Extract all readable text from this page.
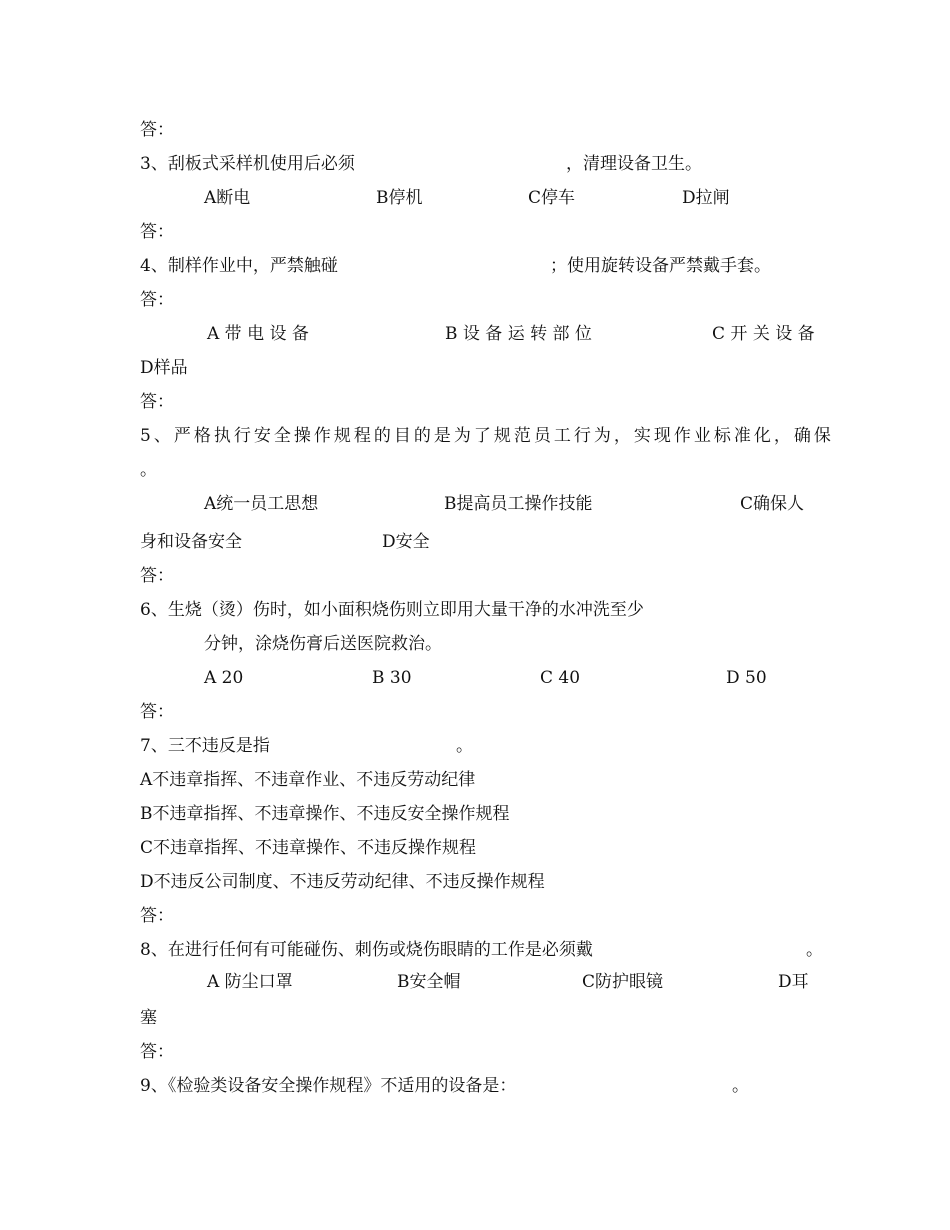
答：
3、刮板式采样机使用后必须	，清理设备卫生。
A断电	B停机	C停车	D拉闸
答：
4、制样作业中，严禁触碰	；使用旋转设备严禁戴手套。
答：
A 带 电 设 备	B 设 备 运 转 部 位	C 开 关 设 备
D样品
答：
5、严格执行安全操作规程的目的是为了规范员工行为，实现作业标准化，确保
。
A统一员工思想	B提高员工操作技能	C确保人
身和设备安全	D安全
答：
6、生烧（烫）伤时，如小面积烧伤则立即用大量干净的水冲洗至少
分钟，涂烧伤膏后送医院救治。
A 20	B 30	C 40	D 50
答：
7、三不违反是指	。
A不违章指挥、不违章作业、不违反劳动纪律
B不违章指挥、不违章操作、不违反安全操作规程
C不违章指挥、不违章操作、不违反操作规程
D不违反公司制度、不违反劳动纪律、不违反操作规程
答：
8、在进行任何有可能碰伤、刺伤或烧伤眼睛的工作是必须戴	。
A 防尘口罩	B安全帽	C防护眼镜	D耳
塞
答：
9、《检验类设备安全操作规程》不适用的设备是：	。
